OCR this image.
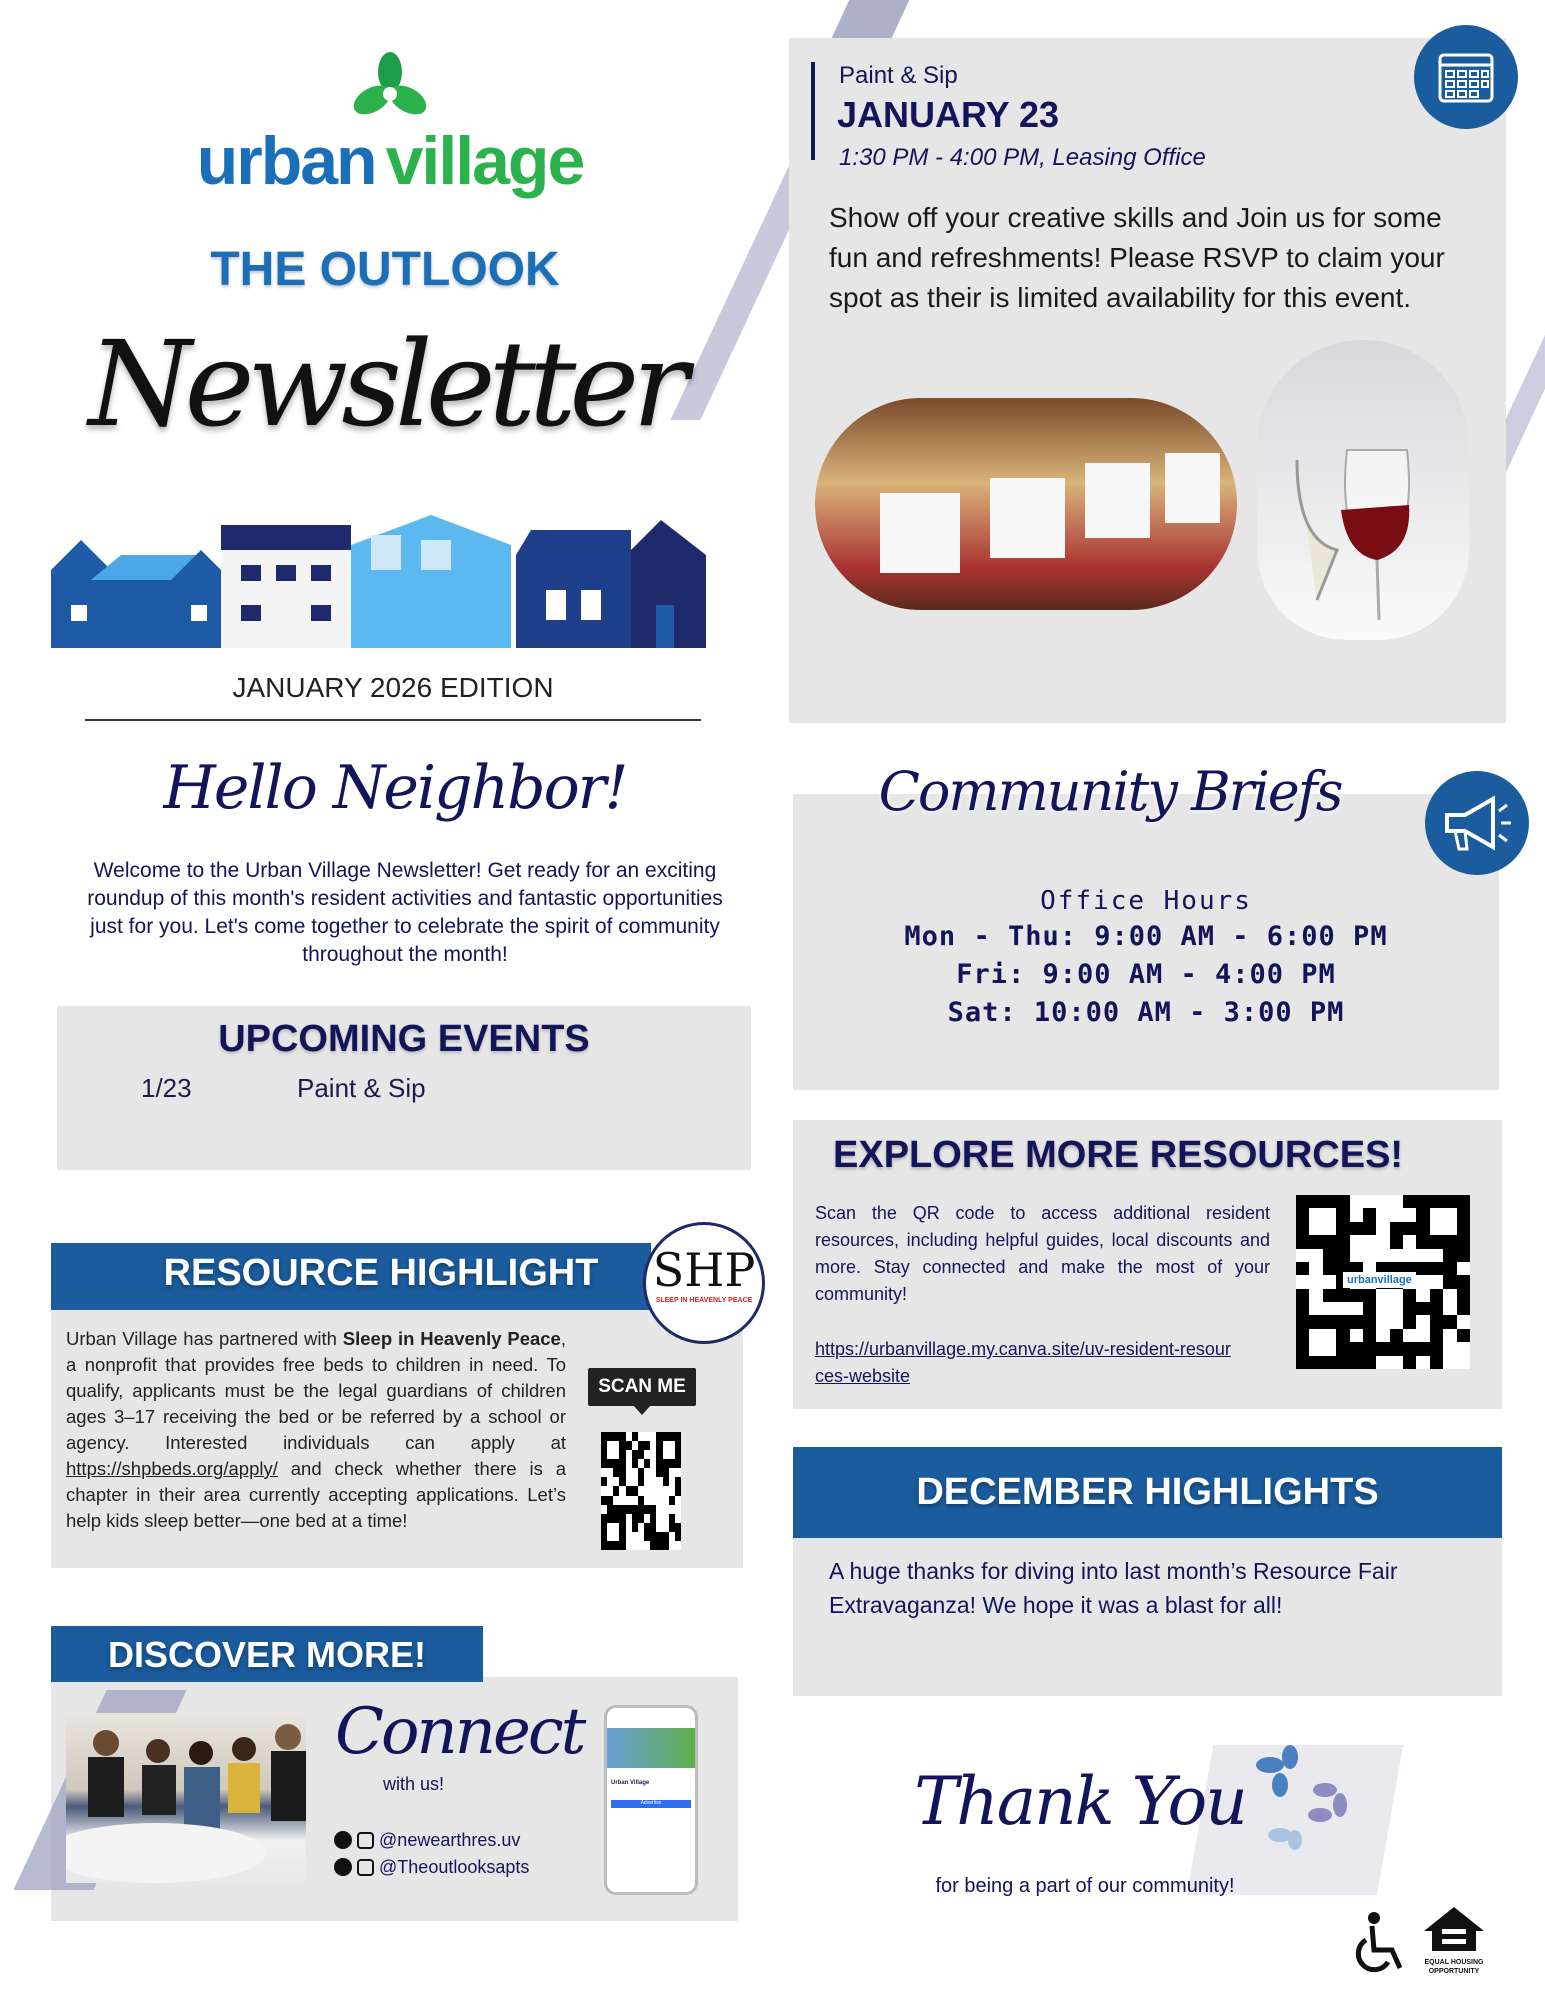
urban village
THE OUTLOOK
Newsletter
JANUARY 2026 EDITION
Hello Neighbor!
Welcome to the Urban Village Newsletter! Get ready for an exciting roundup of this month's resident activities and fantastic opportunities just for you. Let's come together to celebrate the spirit of community throughout the month!
UPCOMING EVENTS
1/23	Paint & Sip
RESOURCE HIGHLIGHT	SHP
SLEEP IN HEAVENLY PEACE
Urban Village has partnered with Sleep in Heavenly Peace, a nonprofit that provides free beds to children in need. To qualify, applicants must be the legal guardians of children ages 3–17 receiving the bed or be referred by a school or agency. Interested individuals can apply at https://shpbeds.org/apply/ and check whether there is a chapter in their area currently accepting applications. Let’s help kids sleep better—one bed at a time!
SCAN ME
DISCOVER MORE!
Connect
with us!
@newearthres.uv
@Theoutlooksapts
Urban Village
Advertise
Paint & Sip
JANUARY 23
1:30 PM - 4:00 PM, Leasing Office
Show off your creative skills and Join us for some fun and refreshments! Please RSVP to claim your spot as their is limited availability for this event.
Office Hours
Mon - Thu: 9:00 AM - 6:00 PM
Fri: 9:00 AM - 4:00 PM
Sat: 10:00 AM - 3:00 PM
Community Briefs
EXPLORE MORE RESOURCES!
Scan the QR code to access additional resident resources, including helpful guides, local discounts and more. Stay connected and make the most of your community!
https://urbanvillage.my.canva.site/uv-resident-resources-website
urbanvillage
DECEMBER HIGHLIGHTS
A huge thanks for diving into last month’s Resource Fair Extravaganza! We hope it was a blast for all!
Thank You
for being a part of our community!
EQUAL HOUSING OPPORTUNITY
